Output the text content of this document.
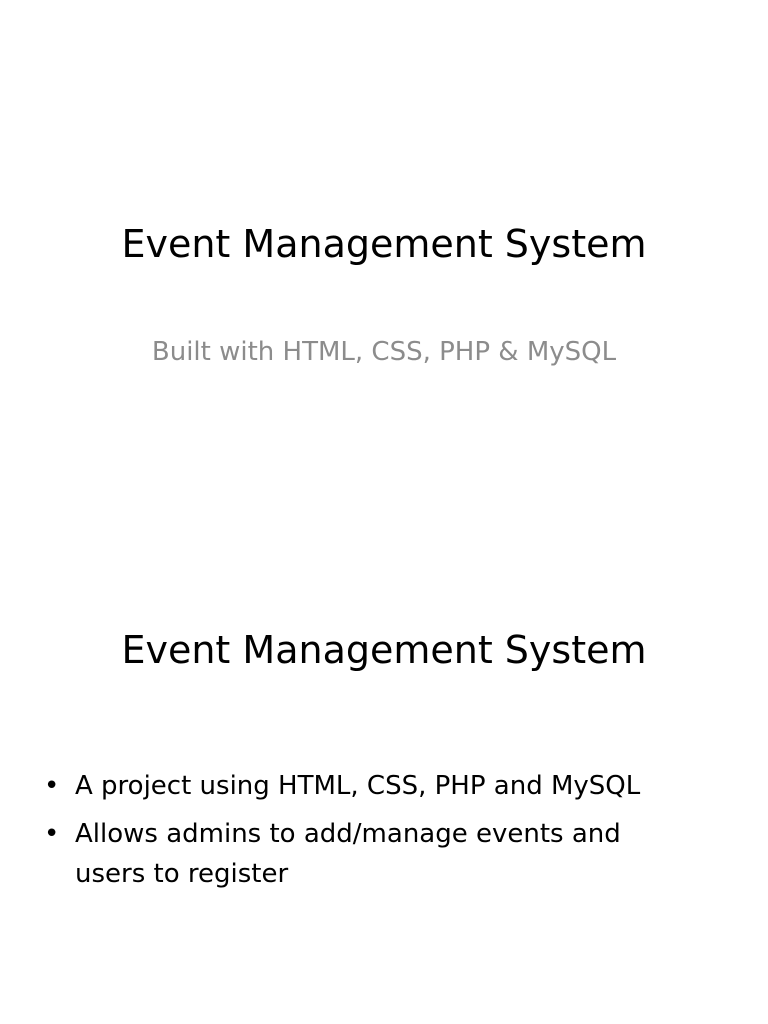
Event Management System

Built with HTML, CSS, PHP & MySQL

Event Management System
• A project using HTML, CSS, PHP and MySQL
• Allows admins to add/manage events and users to register
